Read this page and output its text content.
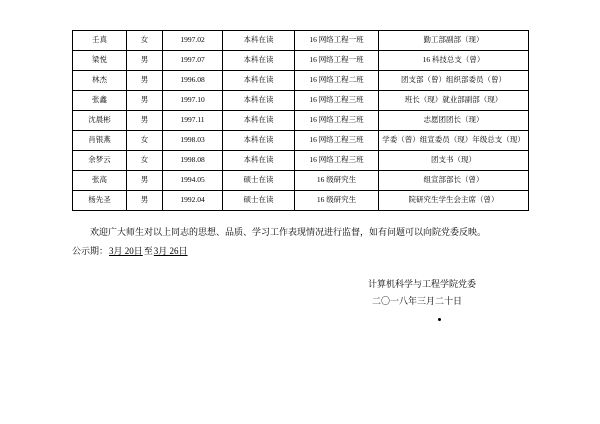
壬真	女	1997.02	本科在读	16 网络工程一班	勤工部副部（现）
梁悦	男	1997.07	本科在读	16 网络工程一班	16 科技总支（曾）
林杰	男	1996.08	本科在读	16 网络工程二班	团支部（曾）组织部委员（曾）
张鑫	男	1997.10	本科在读	16 网络工程三班	班长（现）就业部副部（现）
沈晨彬	男	1997.11	本科在读	16 网络工程三班	志愿团团长（现）
肖银燕	女	1998.03	本科在读	16 网络工程三班	学委（曾）组宣委员（现）年级总支（现）
余梦云	女	1998.08	本科在读	16 网络工程三班	团支书（现）
张高	男	1994.05	硕士在读	16 级研究生	组宣部部长（曾）
杨先圣	男	1992.04	硕士在读	16 级研究生	院研究生学生会主席（曾）
欢迎广大师生对以上同志的思想、品质、学习工作表现情况进行监督，如有问题可以向院党委反映。
公示期：3月 20日至3月 26日
计算机科学与工程学院党委
二〇一八年三月二十日
